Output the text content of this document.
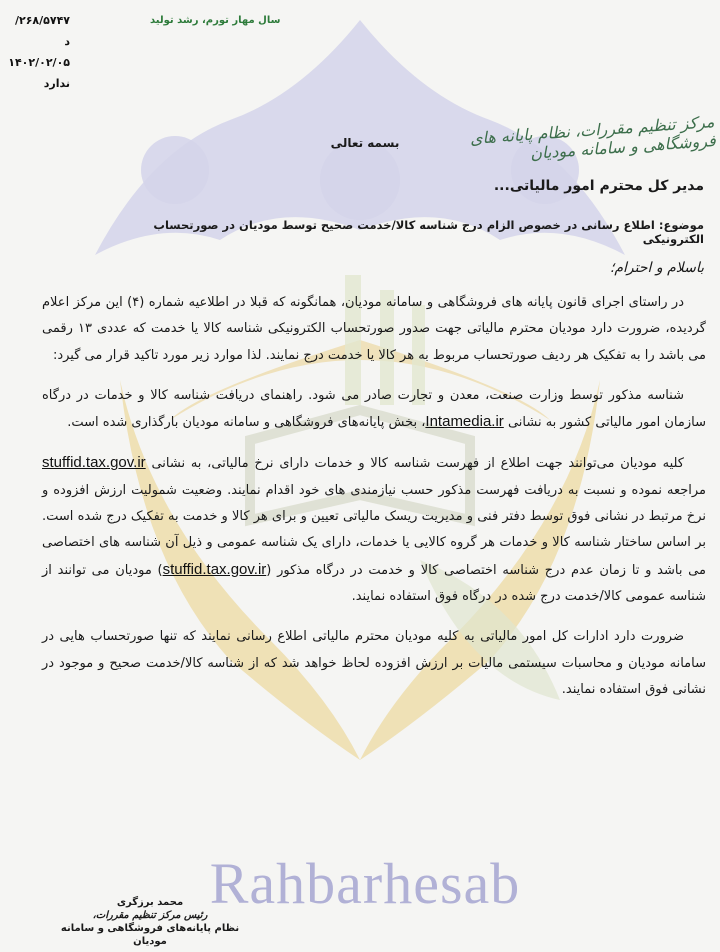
۲۶۸/۵۷۴۷/د
۱۴۰۲/۰۲/۰۵
ندارد
سال مهار تورم، رشد تولید
مرکز تنظیم مقررات، نظام پایانه های فروشگاهی و سامانه مودیان
بسمه تعالی
مدیر کل محترم امور مالیاتی...
موضوع: اطلاع رسانی در خصوص الزام درج شناسه کالا/خدمت صحیح توسط مودیان در صورتحساب الکترونیکی
باسلام و احترام؛

در راستای اجرای قانون پایانه های فروشگاهی و سامانه مودیان، همانگونه که قبلا در اطلاعیه شماره (۴) این مرکز اعلام گردیده، ضرورت دارد مودیان محترم مالیاتی جهت صدور صورتحساب الکترونیکی شناسه کالا یا خدمت که عددی ۱۳ رقمی می باشد را به تفکیک هر ردیف صورتحساب مربوط به هر کالا یا خدمت درج نمایند. لذا موارد زیر مورد تاکید قرار می گیرد:

شناسه مذکور توسط وزارت صنعت، معدن و تجارت صادر می شود. راهنمای دریافت شناسه کالا و خدمات در درگاه سازمان امور مالیاتی کشور به نشانی Intamedia.ir، بخش پایانه‌های فروشگاهی و سامانه مودیان بارگذاری شده است.

کلیه مودیان می‌توانند جهت اطلاع از فهرست شناسه کالا و خدمات دارای نرخ مالیاتی، به نشانی stuffid.tax.gov.ir مراجعه نموده و نسبت به دریافت فهرست مذکور حسب نیازمندی های خود اقدام نمایند. وضعیت شمولیت ارزش افزوده و نرخ مرتبط در نشانی فوق توسط دفتر فنی و مدیریت ریسک مالیاتی تعیین و برای هر کالا و خدمت به تفکیک درج شده است. بر اساس ساختار شناسه کالا و خدمات هر گروه کالایی یا خدمات، دارای یک شناسه عمومی و ذیل آن شناسه های اختصاصی می باشد و تا زمان عدم درج شناسه اختصاصی کالا و خدمت در درگاه مذکور (stuffid.tax.gov.ir) مودیان می توانند از شناسه عمومی کالا/خدمت درج شده در درگاه فوق استفاده نمایند.

ضرورت دارد ادارات کل امور مالیاتی به کلیه مودیان محترم مالیاتی اطلاع رسانی نمایند که تنها صورتحساب هایی در سامانه مودیان و محاسبات سیستمی مالیات بر ارزش افزوده لحاظ خواهد شد که از شناسه کالا/خدمت صحیح و موجود در نشانی فوق استفاده نمایند.

Rahbarhesab
محمد برزگری
رئیس مرکز تنظیم مقررات،
نظام پایانه‌های فروشگاهی و سامانه مودیان
